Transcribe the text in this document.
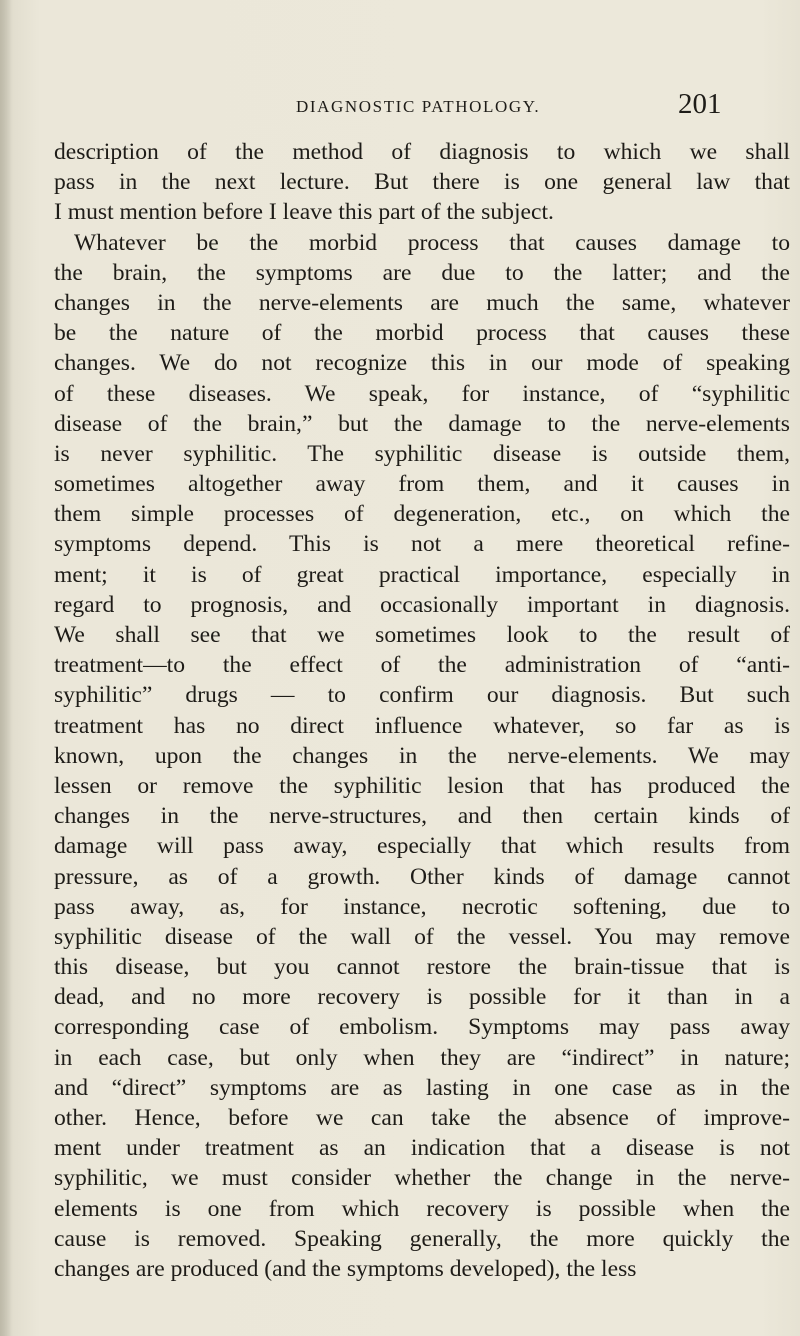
DIAGNOSTIC PATHOLOGY.	201
description of the method of diagnosis to which we shall
pass in the next lecture. But there is one general law that
I must mention before I leave this part of the subject.
Whatever be the morbid process that causes damage to
the brain, the symptoms are due to the latter; and the
changes in the nerve-elements are much the same, whatever
be the nature of the morbid process that causes these
changes. We do not recognize this in our mode of speaking
of these diseases. We speak, for instance, of “syphilitic
disease of the brain,” but the damage to the nerve-elements
is never syphilitic. The syphilitic disease is outside them,
sometimes altogether away from them, and it causes in
them simple processes of degeneration, etc., on which the
symptoms depend. This is not a mere theoretical refine-
ment; it is of great practical importance, especially in
regard to prognosis, and occasionally important in diagnosis.
We shall see that we sometimes look to the result of
treatment—to the effect of the administration of “anti-
syphilitic” drugs — to confirm our diagnosis. But such
treatment has no direct influence whatever, so far as is
known, upon the changes in the nerve-elements. We may
lessen or remove the syphilitic lesion that has produced the
changes in the nerve-structures, and then certain kinds of
damage will pass away, especially that which results from
pressure, as of a growth. Other kinds of damage cannot
pass away, as, for instance, necrotic softening, due to
syphilitic disease of the wall of the vessel. You may remove
this disease, but you cannot restore the brain-tissue that is
dead, and no more recovery is possible for it than in a
corresponding case of embolism. Symptoms may pass away
in each case, but only when they are “indirect” in nature;
and “direct” symptoms are as lasting in one case as in the
other. Hence, before we can take the absence of improve-
ment under treatment as an indication that a disease is not
syphilitic, we must consider whether the change in the nerve-
elements is one from which recovery is possible when the
cause is removed. Speaking generally, the more quickly the
changes are produced (and the symptoms developed), the less
